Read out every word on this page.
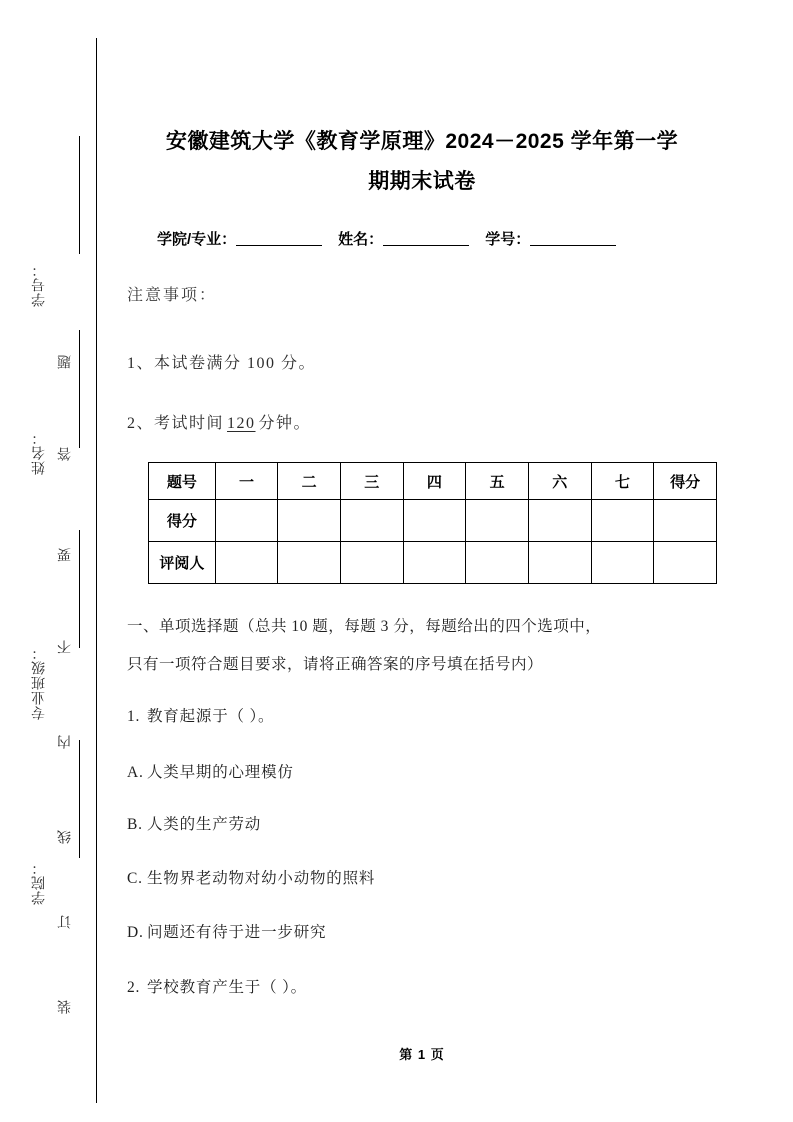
学号：
姓名：
专业班级：
学院：
题
答
要
不
内
线
订
装
安徽建筑大学《教育学原理》2024－2025 学年第一学
期期末试卷
学院/专业：	姓名：	学号：
注意事项：
1、本试卷满分 100 分。
2、考试时间 120 分钟。
题号	一	二	三	四	五	六	七	得分
得分								
评阅人								
一、单项选择题（总共 10 题，每题 3 分，每题给出的四个选项中，
只有一项符合题目要求，请将正确答案的序号填在括号内）
1. 教育起源于（ ）。
A. 人类早期的心理模仿
B. 人类的生产劳动
C. 生物界老动物对幼小动物的照料
D. 问题还有待于进一步研究
2. 学校教育产生于（ ）。
第 1 页
